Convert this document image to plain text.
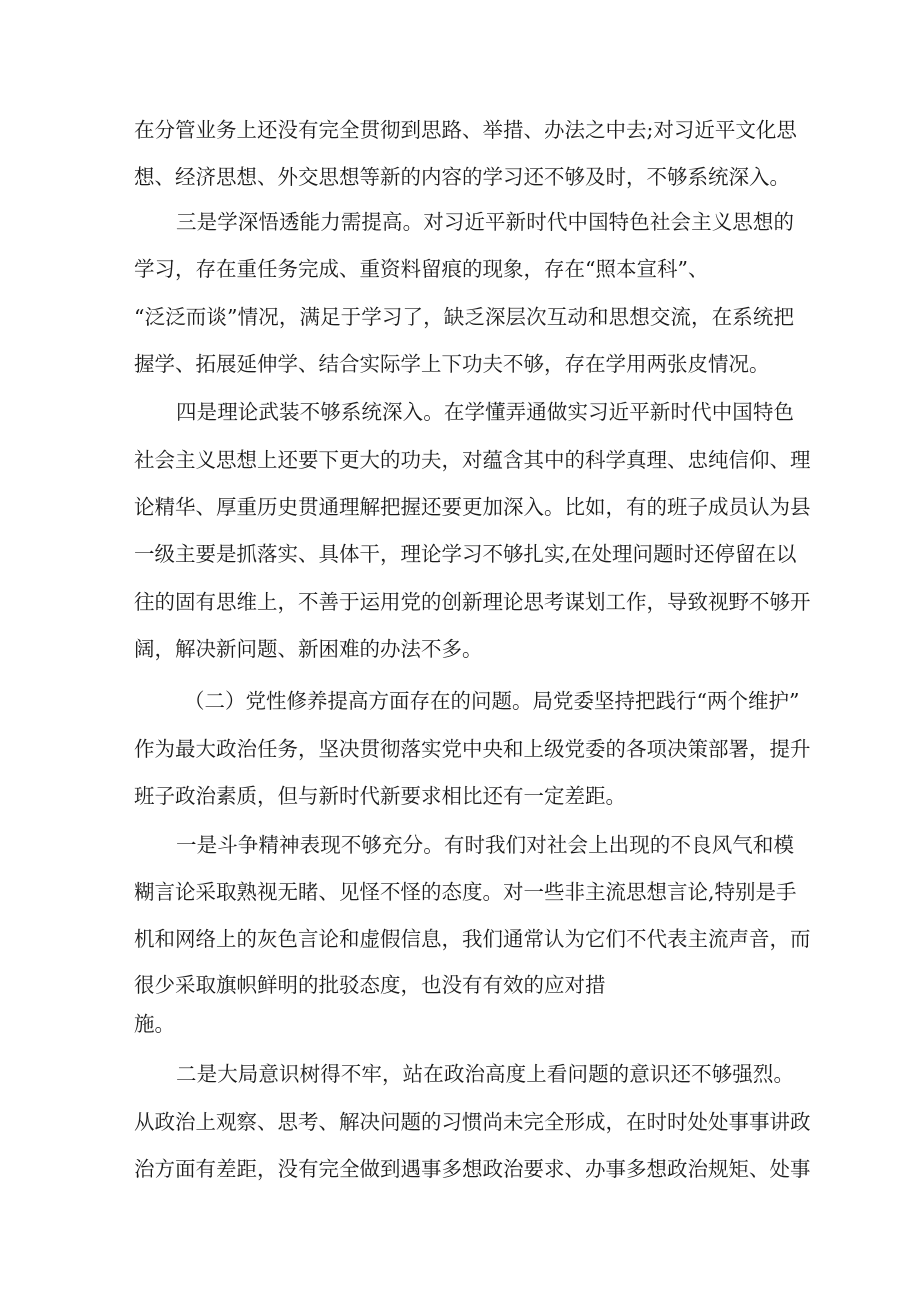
在分管业务上还没有完全贯彻到思路、举措、办法之中去;对习近平文化思
想、经济思想、外交思想等新的内容的学习还不够及时，不够系统深入。
三是学深悟透能力需提高。对习近平新时代中国特色社会主义思想的
学习，存在重任务完成、重资料留痕的现象，存在“照本宣科”、
“泛泛而谈”情况，满足于学习了，缺乏深层次互动和思想交流，在系统把
握学、拓展延伸学、结合实际学上下功夫不够，存在学用两张皮情况。
四是理论武装不够系统深入。在学懂弄通做实习近平新时代中国特色
社会主义思想上还要下更大的功夫，对蕴含其中的科学真理、忠纯信仰、理
论精华、厚重历史贯通理解把握还要更加深入。比如，有的班子成员认为县
一级主要是抓落实、具体干，理论学习不够扎实,在处理问题时还停留在以
往的固有思维上，不善于运用党的创新理论思考谋划工作，导致视野不够开
阔，解决新问题、新困难的办法不多。
（二）党性修养提高方面存在的问题。局党委坚持把践行“两个维护”
作为最大政治任务，坚决贯彻落实党中央和上级党委的各项决策部署，提升
班子政治素质，但与新时代新要求相比还有一定差距。
一是斗争精神表现不够充分。有时我们对社会上出现的不良风气和模
糊言论采取熟视无睹、见怪不怪的态度。对一些非主流思想言论,特别是手
机和网络上的灰色言论和虚假信息，我们通常认为它们不代表主流声音，而
很少采取旗帜鲜明的批驳态度，也没有有效的应对措
施。
二是大局意识树得不牢，站在政治高度上看问题的意识还不够强烈。
从政治上观察、思考、解决问题的习惯尚未完全形成，在时时处处事事讲政
治方面有差距，没有完全做到遇事多想政治要求、办事多想政治规矩、处事
